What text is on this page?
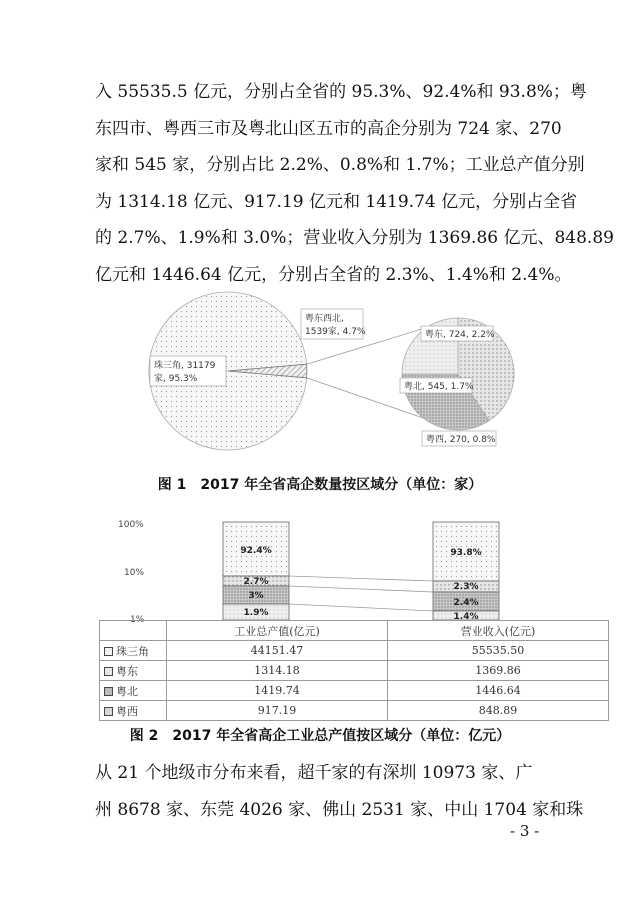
入 55535.5 亿元，分别占全省的 95.3%、92.4%和 93.8%；粤

东四市、粤西三市及粤北山区五市的高企分别为 724 家、270

家和 545 家，分别占比 2.2%、0.8%和 1.7%；工业总产值分别

为 1314.18 亿元、917.19 亿元和 1419.74 亿元，分别占全省

的 2.7%、1.9%和 3.0%；营业收入分别为 1369.86 亿元、848.89

亿元和 1446.64 亿元，分别占全省的 2.3%、1.4%和 2.4%。

珠三角, 31179
家, 95.3%
粤东西北,
1539家, 4.7%	粤东, 724, 2.2%
粤北, 545, 1.7%
粤西, 270, 0.8%
100%
10%
1%
92.4%
2.7%
3%
1.9%
93.8%
2.3%
2.4%
1.4%
图 1　2017 年全省高企数量按区域分（单位：家）
	工业总产值(亿元)	营业收入(亿元)
珠三角	44151.47	55535.50
粤东	1314.18	1369.86
粤北	1419.74	1446.64
粤西	917.19	848.89
图 2　2017 年全省高企工业总产值按区域分（单位：亿元）

从 21 个地级市分布来看，超千家的有深圳 10973 家、广

州 8678 家、东莞 4026 家、佛山 2531 家、中山 1704 家和珠

- 3 -
